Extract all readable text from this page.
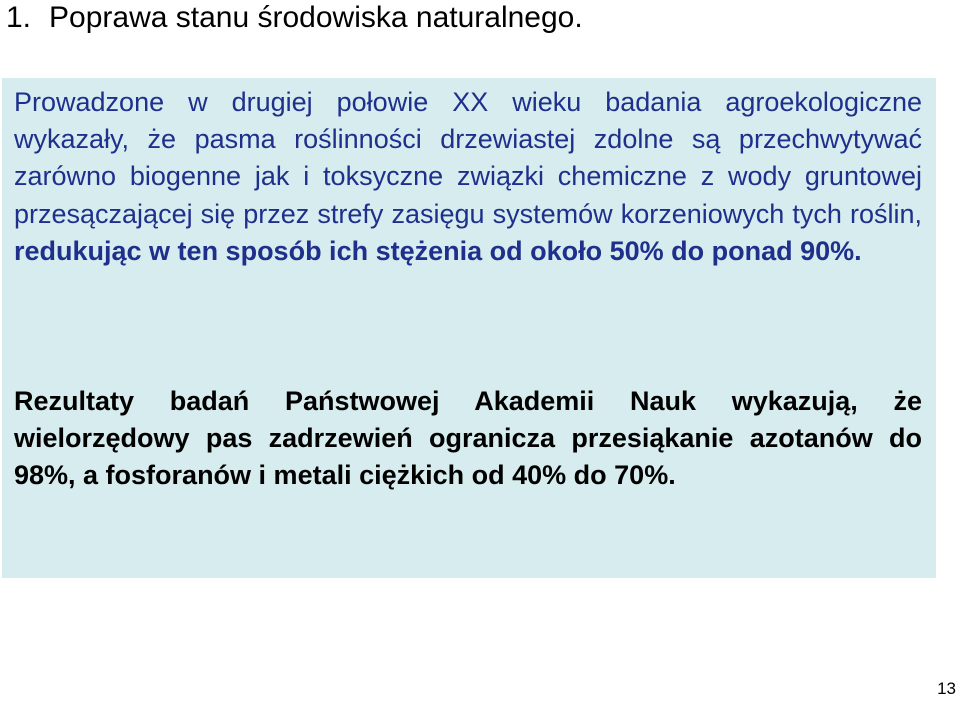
1. Poprawa stanu środowiska naturalnego.
Prowadzone w drugiej połowie XX wieku badania agroekologiczne wykazały, że pasma roślinności drzewiastej zdolne są przechwytywać zarówno biogenne jak i toksyczne związki chemiczne z wody gruntowej przesączającej się przez strefy zasięgu systemów korzeniowych tych roślin, redukując w ten sposób ich stężenia od około 50% do ponad 90%.
Rezultaty badań Państwowej Akademii Nauk wykazują, że wielorzędowy pas zadrzewień ogranicza przesiąkanie azotanów do 98%, a fosforanów i metali ciężkich od 40% do 70%.
13
